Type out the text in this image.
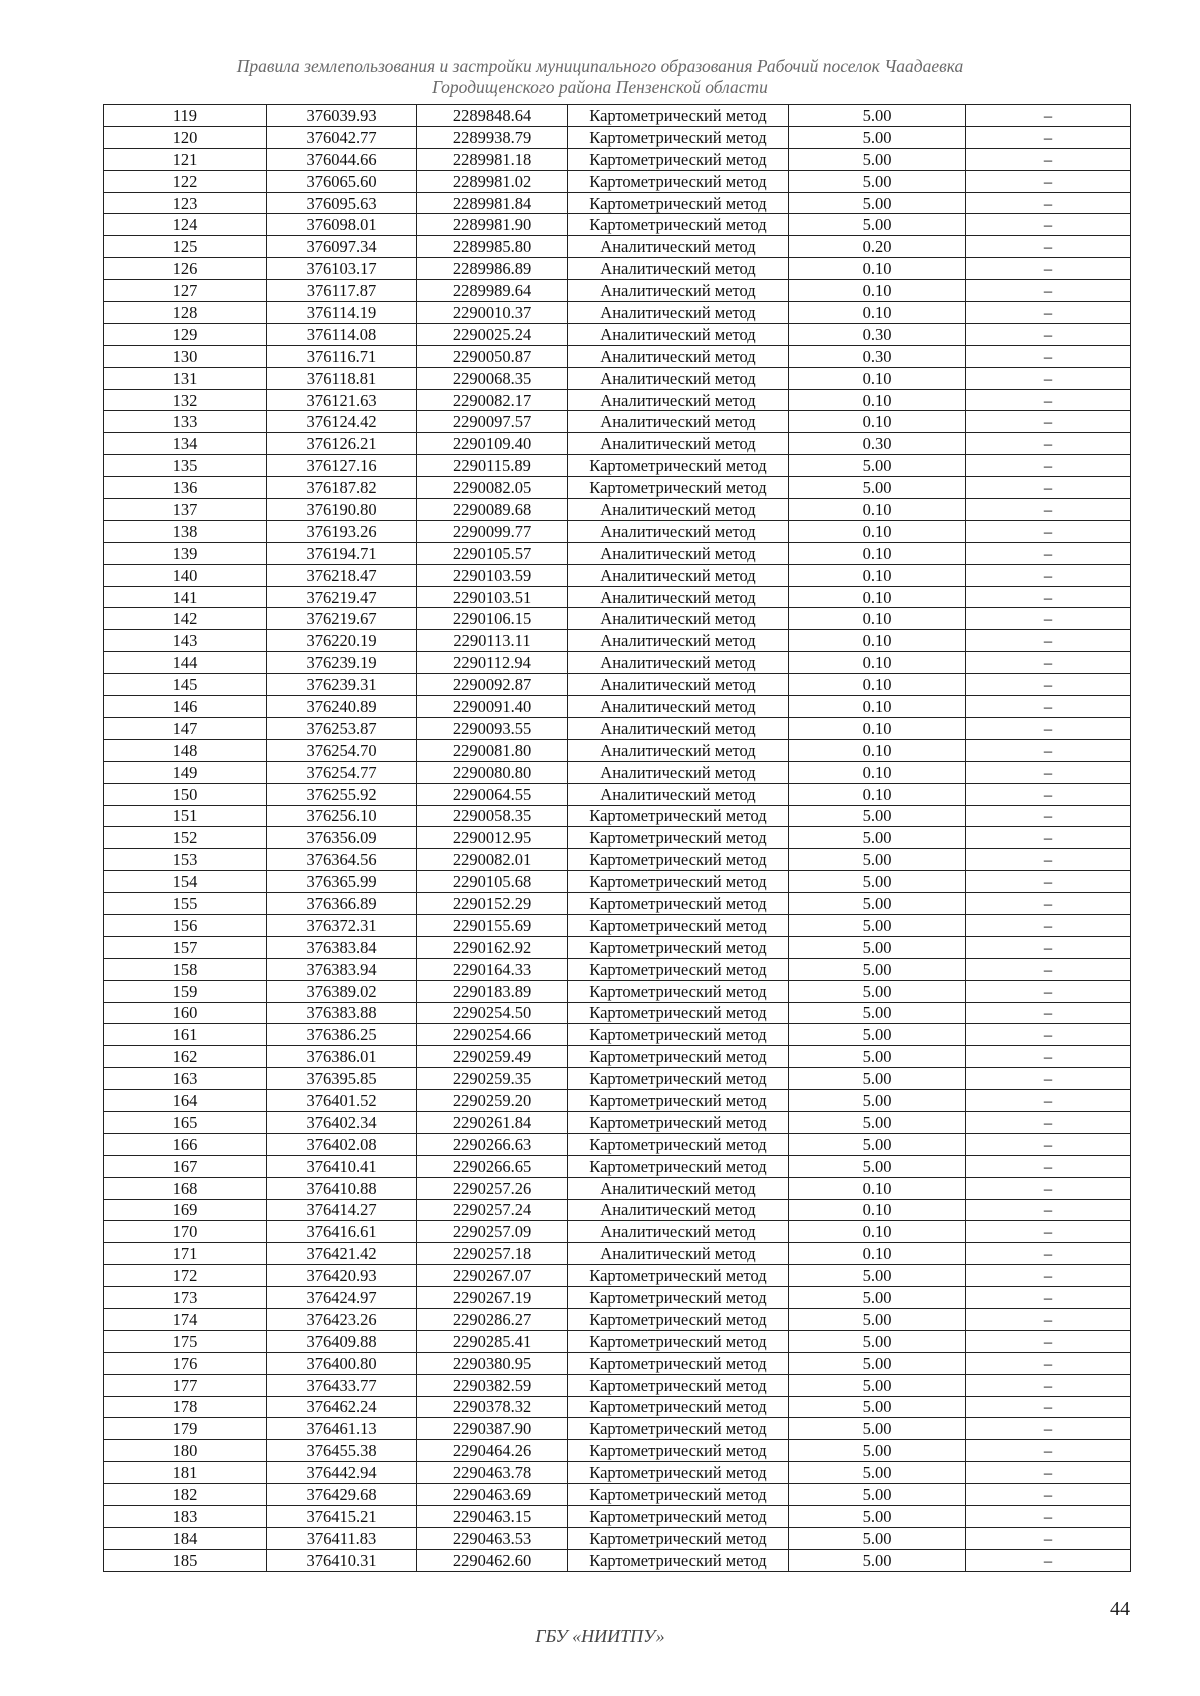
Правила землепользования и застройки муниципального образования Рабочий поселок Чаадаевка
Городищенского района Пензенской области
119	376039.93	2289848.64	Картометрический метод	5.00	–
120	376042.77	2289938.79	Картометрический метод	5.00	–
121	376044.66	2289981.18	Картометрический метод	5.00	–
122	376065.60	2289981.02	Картометрический метод	5.00	–
123	376095.63	2289981.84	Картометрический метод	5.00	–
124	376098.01	2289981.90	Картометрический метод	5.00	–
125	376097.34	2289985.80	Аналитический метод	0.20	–
126	376103.17	2289986.89	Аналитический метод	0.10	–
127	376117.87	2289989.64	Аналитический метод	0.10	–
128	376114.19	2290010.37	Аналитический метод	0.10	–
129	376114.08	2290025.24	Аналитический метод	0.30	–
130	376116.71	2290050.87	Аналитический метод	0.30	–
131	376118.81	2290068.35	Аналитический метод	0.10	–
132	376121.63	2290082.17	Аналитический метод	0.10	–
133	376124.42	2290097.57	Аналитический метод	0.10	–
134	376126.21	2290109.40	Аналитический метод	0.30	–
135	376127.16	2290115.89	Картометрический метод	5.00	–
136	376187.82	2290082.05	Картометрический метод	5.00	–
137	376190.80	2290089.68	Аналитический метод	0.10	–
138	376193.26	2290099.77	Аналитический метод	0.10	–
139	376194.71	2290105.57	Аналитический метод	0.10	–
140	376218.47	2290103.59	Аналитический метод	0.10	–
141	376219.47	2290103.51	Аналитический метод	0.10	–
142	376219.67	2290106.15	Аналитический метод	0.10	–
143	376220.19	2290113.11	Аналитический метод	0.10	–
144	376239.19	2290112.94	Аналитический метод	0.10	–
145	376239.31	2290092.87	Аналитический метод	0.10	–
146	376240.89	2290091.40	Аналитический метод	0.10	–
147	376253.87	2290093.55	Аналитический метод	0.10	–
148	376254.70	2290081.80	Аналитический метод	0.10	–
149	376254.77	2290080.80	Аналитический метод	0.10	–
150	376255.92	2290064.55	Аналитический метод	0.10	–
151	376256.10	2290058.35	Картометрический метод	5.00	–
152	376356.09	2290012.95	Картометрический метод	5.00	–
153	376364.56	2290082.01	Картометрический метод	5.00	–
154	376365.99	2290105.68	Картометрический метод	5.00	–
155	376366.89	2290152.29	Картометрический метод	5.00	–
156	376372.31	2290155.69	Картометрический метод	5.00	–
157	376383.84	2290162.92	Картометрический метод	5.00	–
158	376383.94	2290164.33	Картометрический метод	5.00	–
159	376389.02	2290183.89	Картометрический метод	5.00	–
160	376383.88	2290254.50	Картометрический метод	5.00	–
161	376386.25	2290254.66	Картометрический метод	5.00	–
162	376386.01	2290259.49	Картометрический метод	5.00	–
163	376395.85	2290259.35	Картометрический метод	5.00	–
164	376401.52	2290259.20	Картометрический метод	5.00	–
165	376402.34	2290261.84	Картометрический метод	5.00	–
166	376402.08	2290266.63	Картометрический метод	5.00	–
167	376410.41	2290266.65	Картометрический метод	5.00	–
168	376410.88	2290257.26	Аналитический метод	0.10	–
169	376414.27	2290257.24	Аналитический метод	0.10	–
170	376416.61	2290257.09	Аналитический метод	0.10	–
171	376421.42	2290257.18	Аналитический метод	0.10	–
172	376420.93	2290267.07	Картометрический метод	5.00	–
173	376424.97	2290267.19	Картометрический метод	5.00	–
174	376423.26	2290286.27	Картометрический метод	5.00	–
175	376409.88	2290285.41	Картометрический метод	5.00	–
176	376400.80	2290380.95	Картометрический метод	5.00	–
177	376433.77	2290382.59	Картометрический метод	5.00	–
178	376462.24	2290378.32	Картометрический метод	5.00	–
179	376461.13	2290387.90	Картометрический метод	5.00	–
180	376455.38	2290464.26	Картометрический метод	5.00	–
181	376442.94	2290463.78	Картометрический метод	5.00	–
182	376429.68	2290463.69	Картометрический метод	5.00	–
183	376415.21	2290463.15	Картометрический метод	5.00	–
184	376411.83	2290463.53	Картометрический метод	5.00	–
185	376410.31	2290462.60	Картометрический метод	5.00	–
44
ГБУ «НИИТПУ»
